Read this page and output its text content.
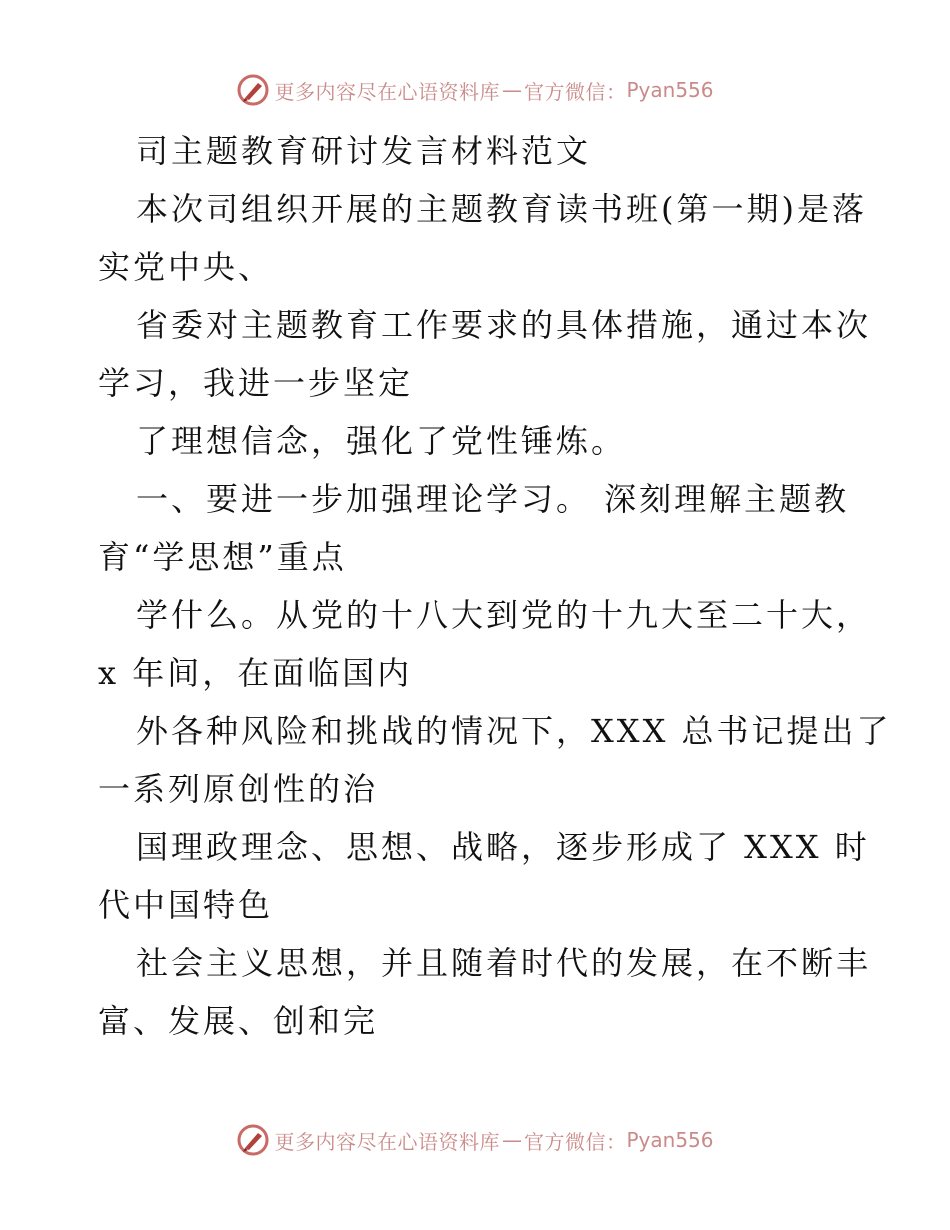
更多内容尽在心语资料库 — 官方微信： Pyan556
司主题教育研讨发言材料范文
本次司组织开展的主题教育读书班(第一期)是落
实党中央、
省委对主题教育工作要求的具体措施，通过本次
学习，我进一步坚定
了理想信念，强化了党性锤炼。
一、要进一步加强理论学习。 深刻理解主题教
育“学思想”重点
学什么。从党的十八大到党的十九大至二十大，
x 年间，在面临国内
外各种风险和挑战的情况下，XXX 总书记提出了
一系列原创性的治
国理政理念、思想、战略，逐步形成了 XXX 时
代中国特色
社会主义思想，并且随着时代的发展，在不断丰
富、发展、创和完
更多内容尽在心语资料库 — 官方微信： Pyan556
